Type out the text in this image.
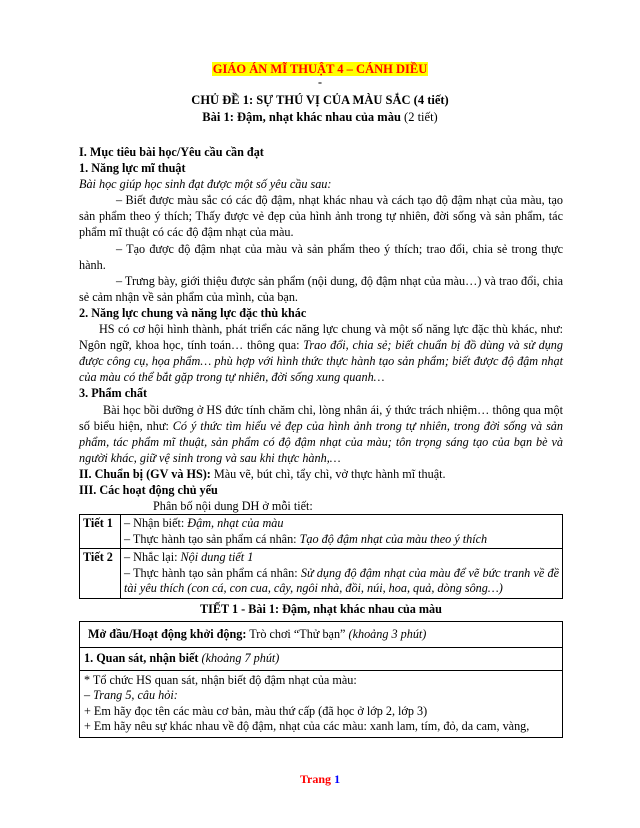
GIÁO ÁN MĨ THUẬT 4 – CÁNH DIỀU
-
CHỦ ĐỀ 1: SỰ THÚ VỊ CỦA MÀU SẮC (4 tiết)
Bài 1: Đậm, nhạt khác nhau của màu (2 tiết)

I. Mục tiêu bài học/Yêu cầu cần đạt

1. Năng lực mĩ thuật

Bài học giúp học sinh đạt được một số yêu cầu sau:

– Biết được màu sắc có các độ đậm, nhạt khác nhau và cách tạo độ đậm nhạt của màu, tạo sản phẩm theo ý thích; Thấy được vẻ đẹp của hình ảnh trong tự nhiên, đời sống và sản phẩm, tác phẩm mĩ thuật có các độ đậm nhạt của màu.

– Tạo được độ đậm nhạt của màu và sản phẩm theo ý thích; trao đổi, chia sẻ trong thực hành.

– Trưng bày, giới thiệu được sản phẩm (nội dung, độ đậm nhạt của màu…) và trao đổi, chia sẻ cảm nhận về sản phẩm của mình, của bạn.

2. Năng lực chung và năng lực đặc thù khác

HS có cơ hội hình thành, phát triển các năng lực chung và một số năng lực đặc thù khác, như: Ngôn ngữ, khoa học, tính toán… thông qua: Trao đổi, chia sẻ; biết chuẩn bị đồ dùng và sử dụng được công cụ, họa phẩm… phù hợp với hình thức thực hành tạo sản phẩm; biết được độ đậm nhạt của màu có thể bắt gặp trong tự nhiên, đời sống xung quanh…

3. Phẩm chất

Bài học bồi dưỡng ở HS đức tính chăm chỉ, lòng nhân ái, ý thức trách nhiệm… thông qua một số biểu hiện, như: Có ý thức tìm hiểu vẻ đẹp của hình ảnh trong tự nhiên, trong đời sống và sản phẩm, tác phẩm mĩ thuật, sản phẩm có độ đậm nhạt của màu; tôn trọng sáng tạo của bạn bè và người khác, giữ vệ sinh trong và sau khi thực hành,…

II. Chuẩn bị (GV và HS): Màu vẽ, bút chì, tẩy chì, vở thực hành mĩ thuật.

III. Các hoạt động chủ yếu

Phân bố nội dung DH ở mỗi tiết:

Tiết 1	– Nhận biết: Đậm, nhạt của màu
– Thực hành tạo sản phẩm cá nhân: Tạo độ đậm nhạt của màu theo ý thích

Tiết 2	– Nhắc lại: Nội dung tiết 1
– Thực hành tạo sản phẩm cá nhân: Sử dụng độ đậm nhạt của màu để vẽ bức tranh về đề tài yêu thích (con cá, con cua, cây, ngôi nhà, đồi, núi, hoa, quả, dòng sông…)

TIẾT 1 - Bài 1: Đậm, nhạt khác nhau của màu

Mở đầu/Hoạt động khởi động: Trò chơi “Thử bạn” (khoảng 3 phút)
1. Quan sát, nhận biết (khoảng 7 phút)

* Tổ chức HS quan sát, nhận biết độ đậm nhạt của màu:
– Trang 5, câu hỏi:
+ Em hãy đọc tên các màu cơ bản, màu thứ cấp (đã học ở lớp 2, lớp 3)
+ Em hãy nêu sự khác nhau về độ đậm, nhạt của các màu: xanh lam, tím, đỏ, da cam, vàng,
Trang 1
